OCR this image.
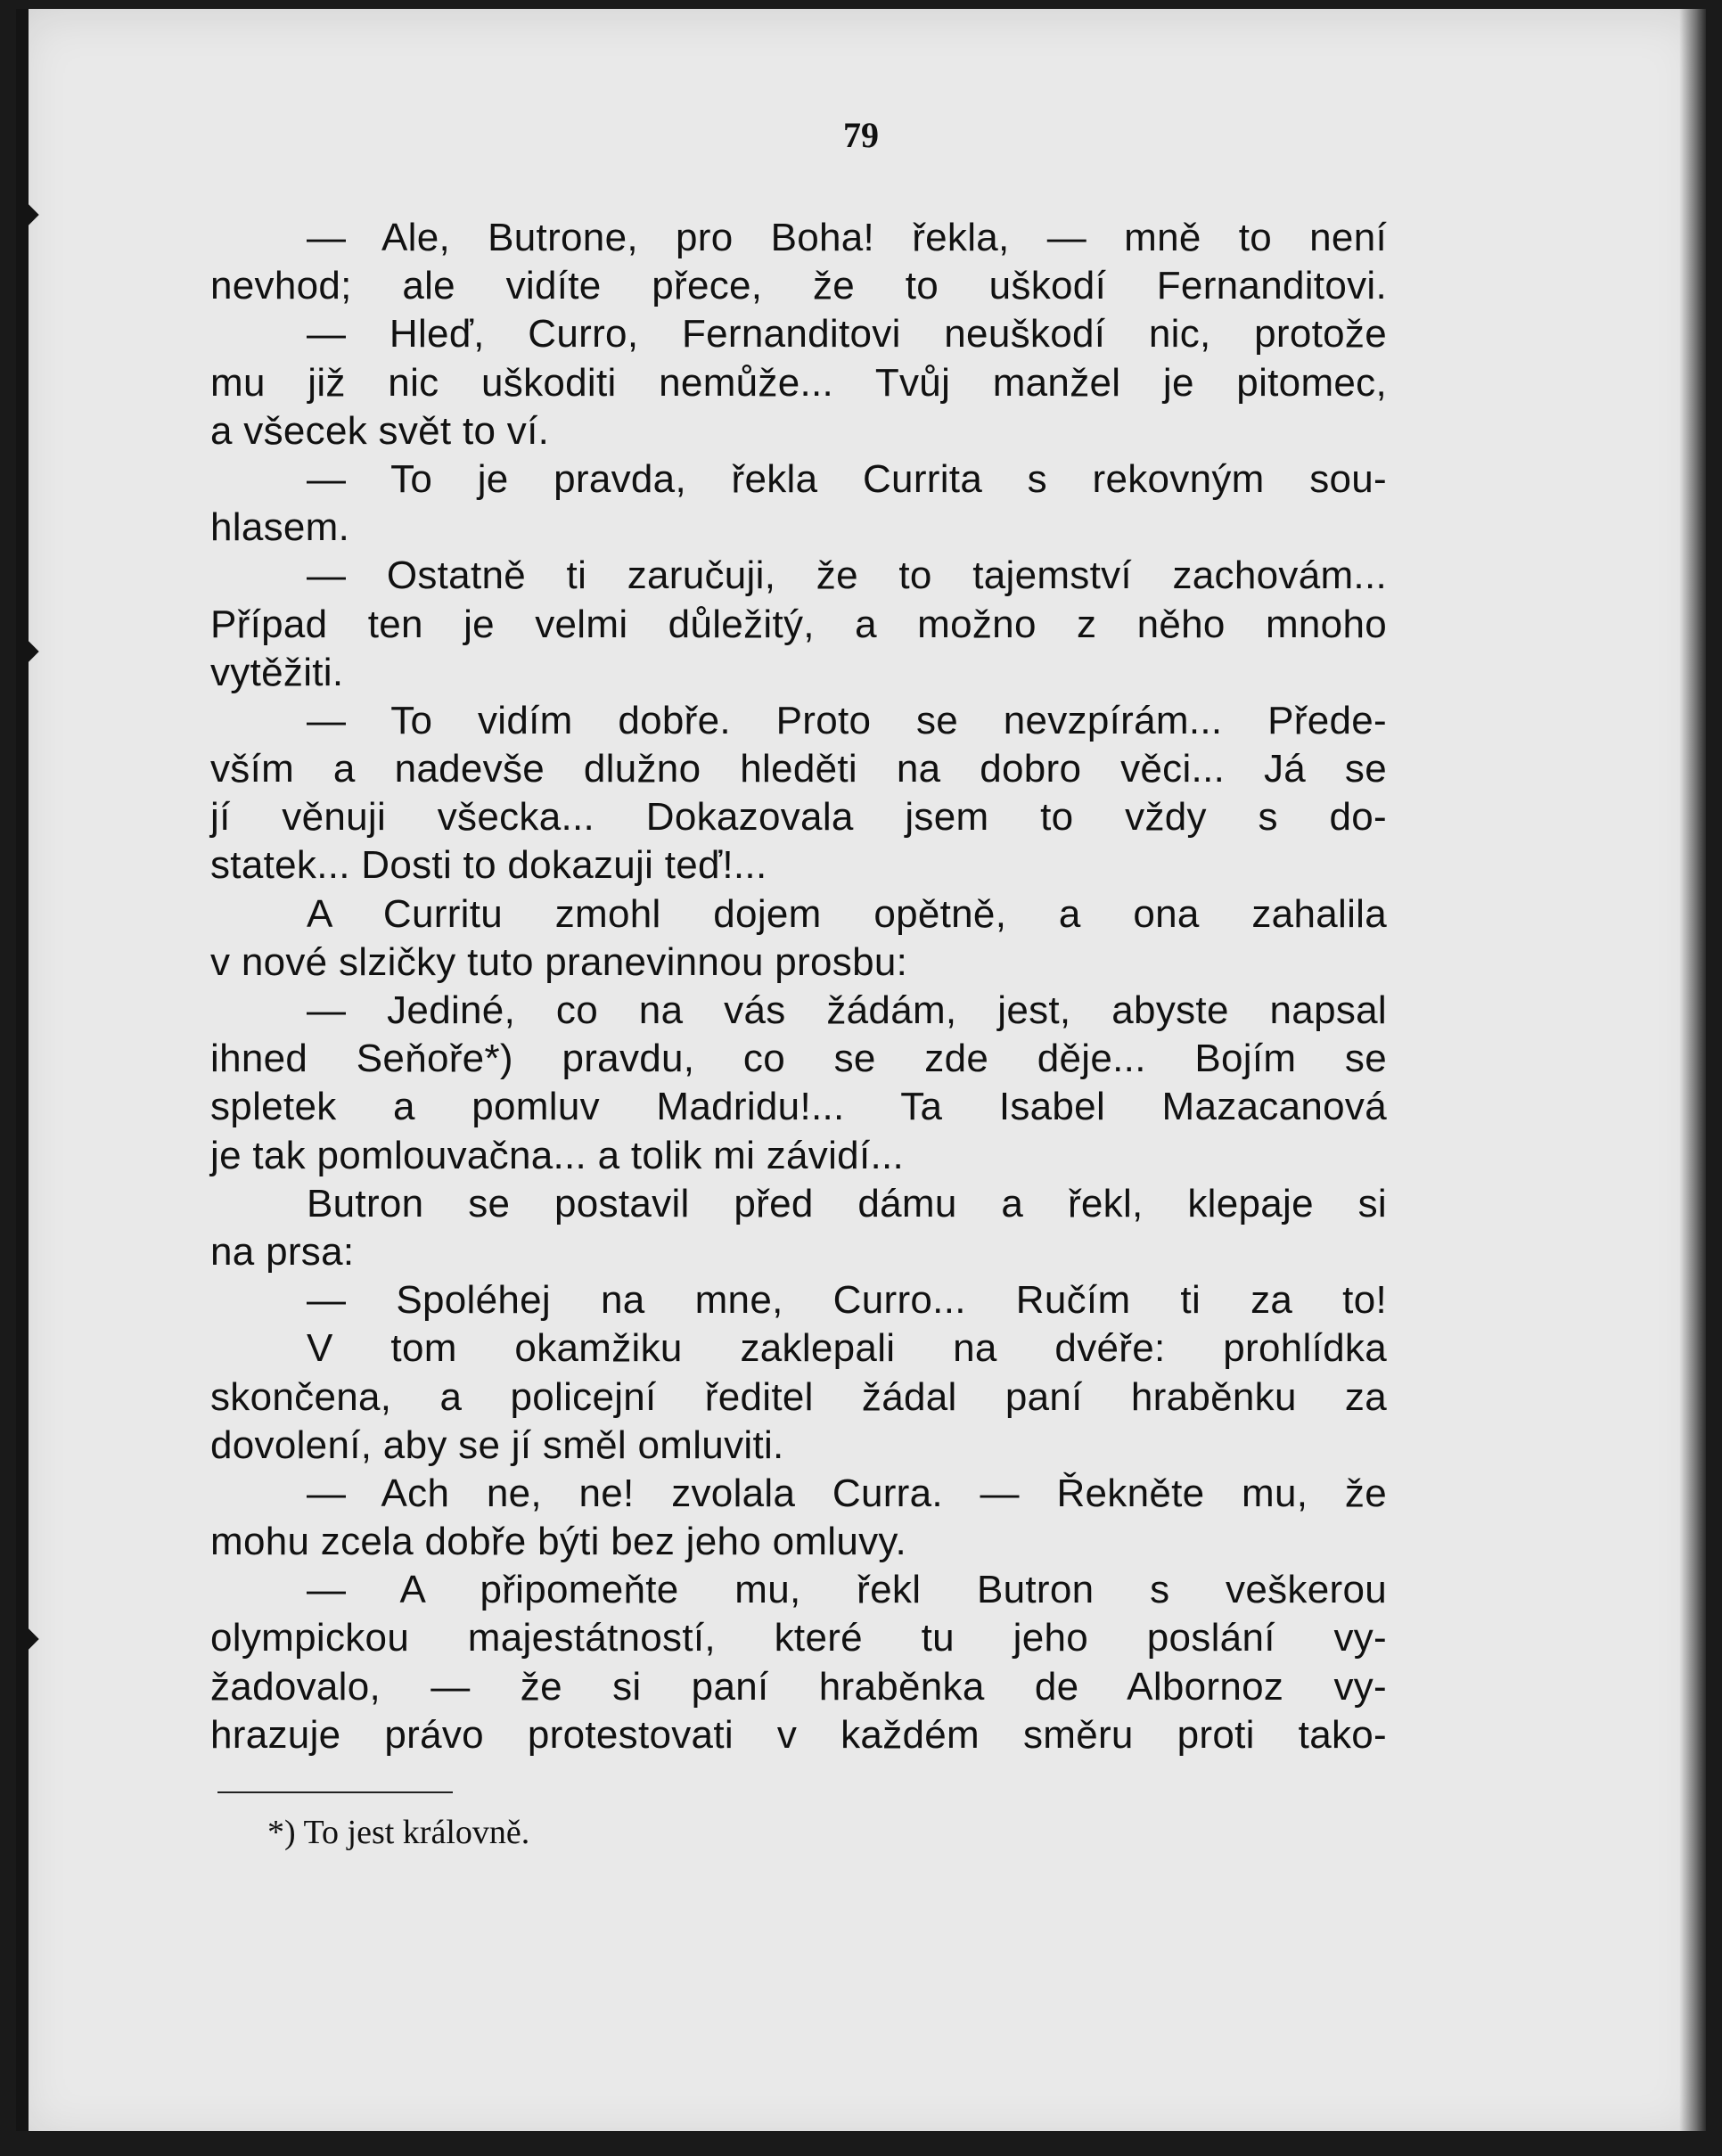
79
— Ale, Butrone, pro Boha! řekla, — mně to není
nevhod; ale vidíte přece, že to uškodí Fernanditovi.
— Hleď, Curro, Fernanditovi neuškodí nic, protože
mu již nic uškoditi nemůže... Tvůj manžel je pitomec,
a všecek svět to ví.
— To je pravda, řekla Currita s rekovným sou-
hlasem.
— Ostatně ti zaručuji, že to tajemství zachovám...
Případ ten je velmi důležitý, a možno z něho mnoho
vytěžiti.
— To vidím dobře. Proto se nevzpírám... Přede-
vším a nadevše dlužno hleděti na dobro věci... Já se
jí věnuji všecka... Dokazovala jsem to vždy s do-
statek... Dosti to dokazuji teď!...
A Curritu zmohl dojem opětně, a ona zahalila
v nové slzičky tuto pranevinnou prosbu:
— Jediné, co na vás žádám, jest, abyste napsal
ihned Seňoře*) pravdu, co se zde děje... Bojím se
spletek a pomluv Madridu!... Ta Isabel Mazacanová
je tak pomlouvačna... a tolik mi závidí...
Butron se postavil před dámu a řekl, klepaje si
na prsa:
— Spoléhej na mne, Curro... Ručím ti za to!
V tom okamžiku zaklepali na dvéře: prohlídka
skončena, a policejní ředitel žádal paní hraběnku za
dovolení, aby se jí směl omluviti.
— Ach ne, ne! zvolala Curra. — Řekněte mu, že
mohu zcela dobře býti bez jeho omluvy.
— A připomeňte mu, řekl Butron s veškerou
olympickou majestátností, které tu jeho poslání vy-
žadovalo, — že si paní hraběnka de Albornoz vy-
hrazuje právo protestovati v každém směru proti tako-
*) To jest královně.
